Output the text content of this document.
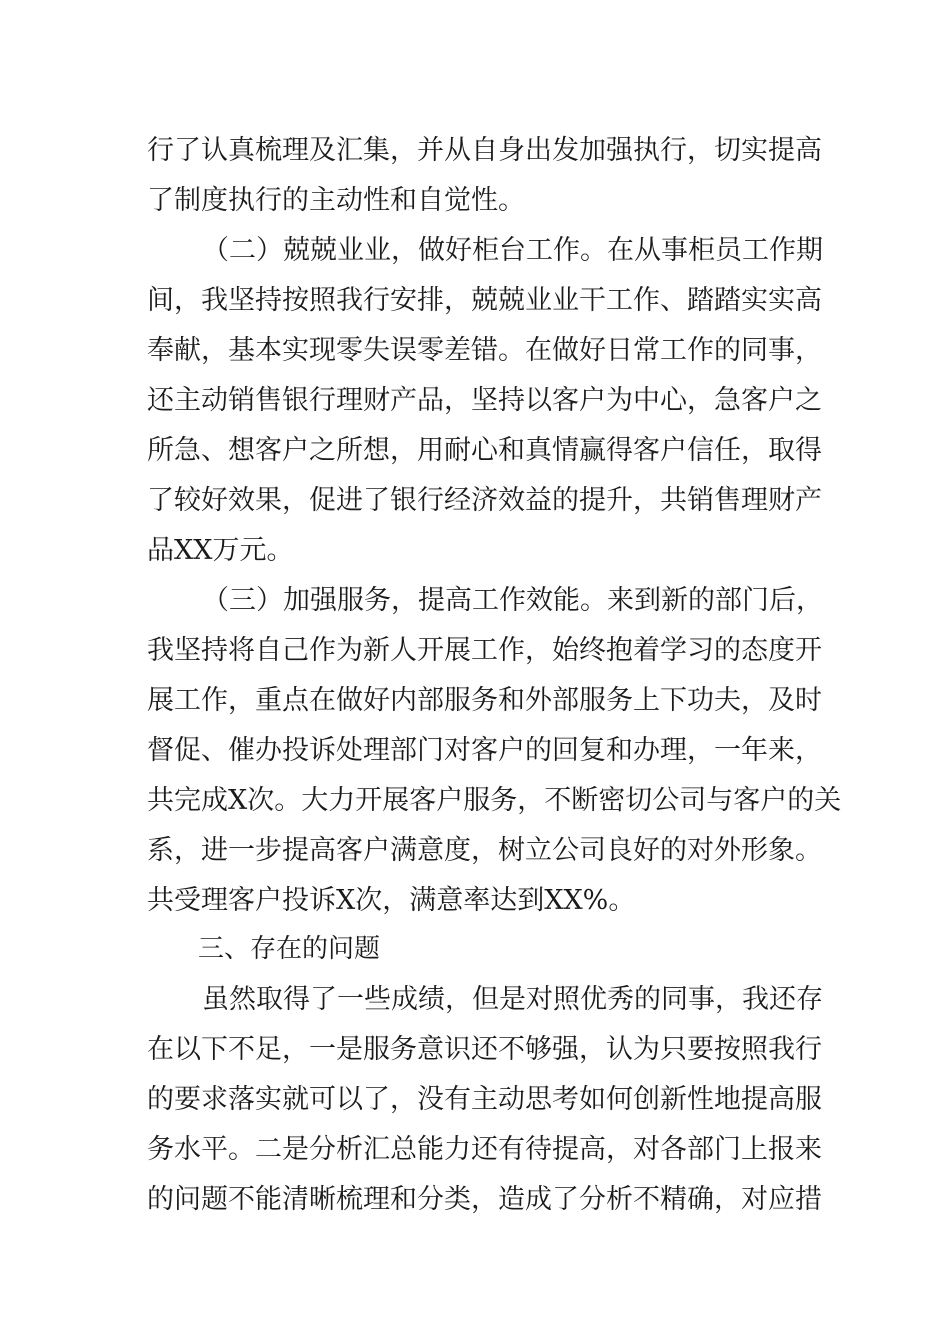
行了认真梳理及汇集，并从自身出发加强执行，切实提高
了制度执行的主动性和自觉性。
（二）兢兢业业，做好柜台工作。在从事柜员工作期
间，我坚持按照我行安排，兢兢业业干工作、踏踏实实高
奉献，基本实现零失误零差错。在做好日常工作的同事，
还主动销售银行理财产品，坚持以客户为中心，急客户之
所急、想客户之所想，用耐心和真情赢得客户信任，取得
了较好效果，促进了银行经济效益的提升，共销售理财产
品XX万元。
（三）加强服务，提高工作效能。来到新的部门后，
我坚持将自己作为新人开展工作，始终抱着学习的态度开
展工作，重点在做好内部服务和外部服务上下功夫，及时
督促、催办投诉处理部门对客户的回复和办理，一年来，
共完成X次。大力开展客户服务，不断密切公司与客户的关
系，进一步提高客户满意度，树立公司良好的对外形象。
共受理客户投诉X次，满意率达到XX%。
三、存在的问题
虽然取得了一些成绩，但是对照优秀的同事，我还存
在以下不足，一是服务意识还不够强，认为只要按照我行
的要求落实就可以了，没有主动思考如何创新性地提高服
务水平。二是分析汇总能力还有待提高，对各部门上报来
的问题不能清晰梳理和分类，造成了分析不精确，对应措
